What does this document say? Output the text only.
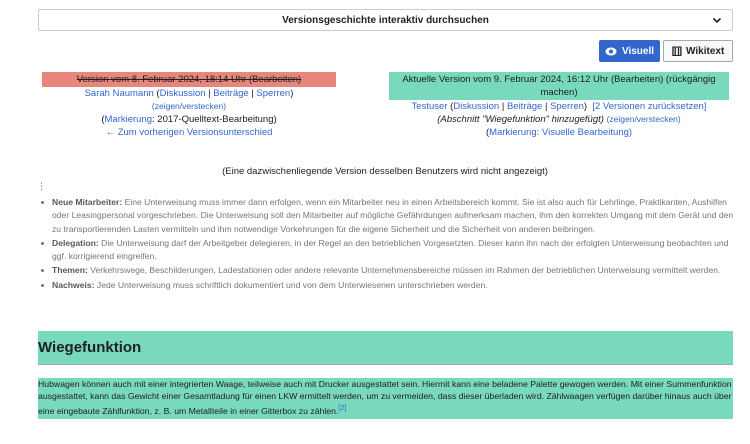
Versionsgeschichte interaktiv durchsuchen
Visuell [[]] Wikitext
Version vom 8. Februar 2024, 18:14 Uhr (Bearbeiten)
Sarah Naumann (Diskussion | Beiträge | Sperren)
(zeigen/verstecken)
(Markierung: 2017-Quelltext-Bearbeitung)
← Zum vorherigen Versionsunterschied
Aktuelle Version vom 9. Februar 2024, 16:12 Uhr (Bearbeiten) (rückgängig machen)
Testuser (Diskussion | Beiträge | Sperren) [2 Versionen zurücksetzen]
(Abschnitt "Wiegefunktion" hinzugefügt) (zeigen/verstecken)
(Markierung: Visuelle Bearbeitung)
(Eine dazwischenliegende Version desselben Benutzers wird nicht angezeigt)
⋮
Neue Mitarbeiter: Eine Unterweisung muss immer dann erfolgen, wenn ein Mitarbeiter neu in einen Arbeitsbereich kommt. Sie ist also auch für Lehrlinge, Praktikanten, Aushilfen oder Leasingpersonal vorgeschrieben. Die Unterweisung soll den Mitarbeiter auf mögliche Gefährdungen aufmerksam machen, ihm den korrekten Umgang mit dem Gerät und den zu transportierenden Lasten vermitteln und ihm notwendige Vorkehrungen für die eigene Sicherheit und die Sicherheit von anderen beibringen.
Delegation: Die Unterweisung darf der Arbeitgeber delegieren, in der Regel an den betrieblichen Vorgesetzten. Dieser kann ihn nach der erfolgten Unterweisung beobachten und ggf. korrigierend eingreifen.
Themen: Verkehrswege, Beschilderungen, Ladestationen oder andere relevante Unternehmensbereiche müssen im Rahmen der betrieblichen Unterweisung vermittelt werden.
Nachweis: Jede Unterweisung muss schriftlich dokumentiert und von dem Unterwiesenen unterschrieben werden.
Wiegefunktion
Hubwagen können auch mit einer integrierten Waage, teilweise auch mit Drucker ausgestattet sein. Hiermit kann eine beladene Palette gewogen werden. Mit einer Summenfunktion ausgestattet, kann das Gewicht einer Gesamtladung für einen LKW ermittelt werden, um zu vermeiden, dass dieser überladen wird. Zählwaagen verfügen darüber hinaus auch über eine eingebaute Zählfunktion, z. B. um Metallteile in einer Gitterbox zu zählen.[2]
